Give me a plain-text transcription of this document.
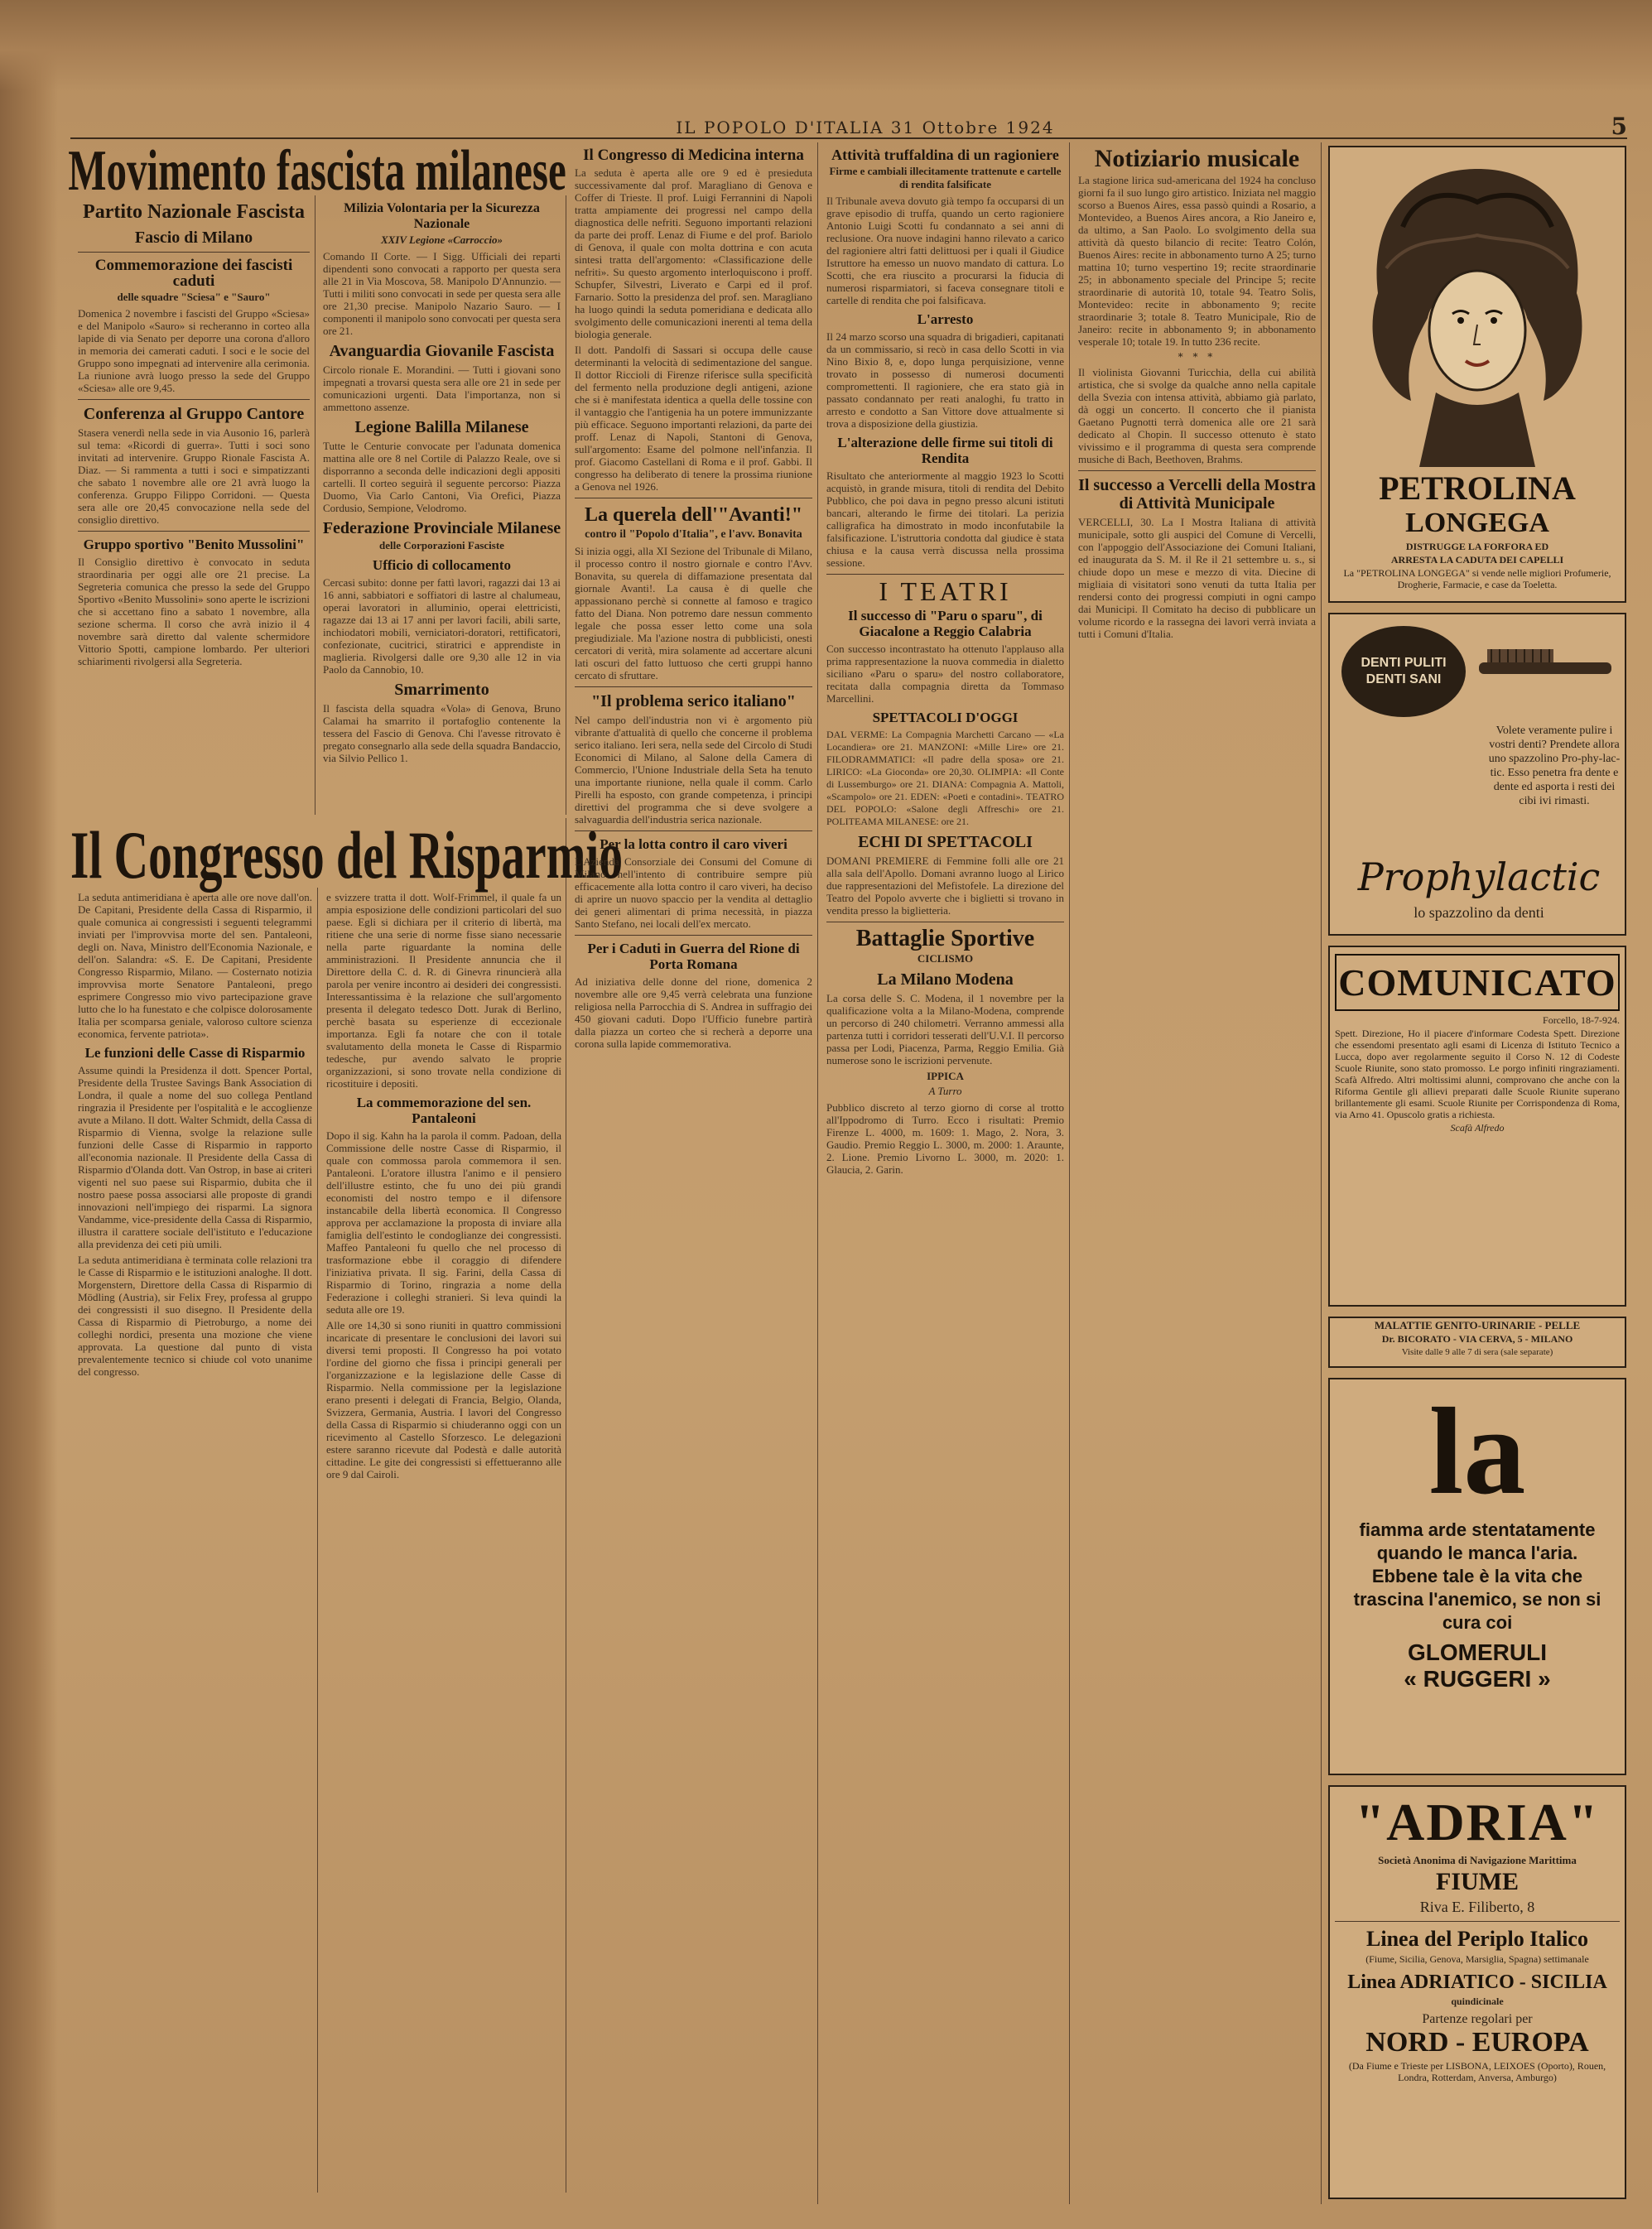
IL POPOLO D'ITALIA 31 Ottobre 1924	5
Movimento fascista milanese
Partito Nazionale Fascista
Fascio di Milano
Commemorazione dei fascisti caduti
delle squadre "Sciesa" e "Sauro"
Domenica 2 novembre i fascisti del Gruppo «Sciesa» e del Manipolo «Sauro» si recheranno in corteo alla lapide di via Senato per deporre una corona d'alloro in memoria dei camerati caduti. I soci e le socie del Gruppo sono impegnati ad intervenire alla cerimonia. La riunione avrà luogo presso la sede del Gruppo «Sciesa» alle ore 9,45.
Conferenza al Gruppo Cantore
Stasera venerdì nella sede in via Ausonio 16, parlerà sul tema: «Ricordi di guerra». Tutti i soci sono invitati ad intervenire. Gruppo Rionale Fascista A. Diaz. — Si rammenta a tutti i soci e simpatizzanti che sabato 1 novembre alle ore 21 avrà luogo la conferenza. Gruppo Filippo Corridoni. — Questa sera alle ore 20,45 convocazione nella sede del consiglio direttivo.
Gruppo sportivo "Benito Mussolini"
Il Consiglio direttivo è convocato in seduta straordinaria per oggi alle ore 21 precise. La Segreteria comunica che presso la sede del Gruppo Sportivo «Benito Mussolini» sono aperte le iscrizioni che si accettano fino a sabato 1 novembre, alla sezione scherma. Il corso che avrà inizio il 4 novembre sarà diretto dal valente schermidore Vittorio Spotti, campione lombardo. Per ulteriori schiarimenti rivolgersi alla Segreteria.
Milizia Volontaria per la Sicurezza Nazionale
XXIV Legione «Carroccio»
Comando II Corte. — I Sigg. Ufficiali dei reparti dipendenti sono convocati a rapporto per questa sera alle 21 in Via Moscova, 58. Manipolo D'Annunzio. — Tutti i militi sono convocati in sede per questa sera alle ore 21,30 precise. Manipolo Nazario Sauro. — I componenti il manipolo sono convocati per questa sera ore 21.
Avanguardia Giovanile Fascista
Circolo rionale E. Morandini. — Tutti i giovani sono impegnati a trovarsi questa sera alle ore 21 in sede per comunicazioni urgenti. Data l'importanza, non si ammettono assenze.
Legione Balilla Milanese
Tutte le Centurie convocate per l'adunata domenica mattina alle ore 8 nel Cortile di Palazzo Reale, ove si disporranno a seconda delle indicazioni degli appositi cartelli. Il corteo seguirà il seguente percorso: Piazza Duomo, Via Carlo Cantoni, Via Orefici, Piazza Cordusio, Sempione, Velodromo.
Federazione Provinciale Milanese
delle Corporazioni Fasciste
Ufficio di collocamento
Cercasi subito: donne per fattì lavori, ragazzi dai 13 ai 16 anni, sabbiatori e soffiatori di lastre al chalumeau, operai lavoratori in alluminio, operai elettricisti, ragazze dai 13 ai 17 anni per lavori facili, abili sarte, inchiodatori mobili, verniciatori-doratori, rettificatori, confezionate, cucitrici, stiratrici e apprendiste in maglieria. Rivolgersi dalle ore 9,30 alle 12 in via Paolo da Cannobio, 10.
Smarrimento
Il fascista della squadra «Vola» di Genova, Bruno Calamai ha smarrito il portafoglio contenente la tessera del Fascio di Genova. Chi l'avesse ritrovato è pregato consegnarlo alla sede della squadra Bandaccio, via Silvio Pellico 1.
Il Congresso del Risparmio
La seduta antimeridiana è aperta alle ore nove dall'on. De Capitani, Presidente della Cassa di Risparmio, il quale comunica ai congressisti i seguenti telegrammi inviati per l'improvvisa morte del sen. Pantaleoni, degli on. Nava, Ministro dell'Economia Nazionale, e dell'on. Salandra: «S. E. De Capitani, Presidente Congresso Risparmio, Milano. — Costernato notizia improvvisa morte Senatore Pantaleoni, prego esprimere Congresso mio vivo partecipazione grave lutto che lo ha funestato e che colpisce dolorosamente Italia per scomparsa geniale, valoroso cultore scienza economica, fervente patriota».
Le funzioni delle Casse di Risparmio
Assume quindi la Presidenza il dott. Spencer Portal, Presidente della Trustee Savings Bank Association di Londra, il quale a nome del suo collega Pentland ringrazia il Presidente per l'ospitalità e le accoglienze avute a Milano. Il dott. Walter Schmidt, della Cassa di Risparmio di Vienna, svolge la relazione sulle funzioni delle Casse di Risparmio in rapporto all'economia nazionale. Il Presidente della Cassa di Risparmio d'Olanda dott. Van Ostrop, in base ai criteri vigenti nel suo paese sui Risparmio, dubita che il nostro paese possa associarsi alle proposte di grandi innovazioni nell'impiego dei risparmi. La signora Vandamme, vice-presidente della Cassa di Risparmio, illustra il carattere sociale dell'istituto e l'educazione alla previdenza dei ceti più umili.
La seduta antimeridiana è terminata colle relazioni tra le Casse di Risparmio e le istituzioni analoghe. Il dott. Morgenstern, Direttore della Cassa di Risparmio di Mödling (Austria), sir Felix Frey, professa al gruppo dei congressisti il suo disegno. Il Presidente della Cassa di Risparmio di Pietroburgo, a nome dei colleghi nordici, presenta una mozione che viene approvata. La questione dal punto di vista prevalentemente tecnico si chiude col voto unanime del congresso.
e svizzere tratta il dott. Wolf-Frimmel, il quale fa un ampia esposizione delle condizioni particolari del suo paese. Egli si dichiara per il criterio di libertà, ma ritiene che una serie di norme fisse siano necessarie nella parte riguardante la nomina delle amministrazioni. Il Presidente annuncia che il Direttore della C. d. R. di Ginevra rinuncierà alla parola per venire incontro ai desideri dei congressisti. Interessantissima è la relazione che sull'argomento presenta il delegato tedesco Dott. Jurak di Berlino, perchè basata su esperienze di eccezionale importanza. Egli fa notare che con il totale svalutamento della moneta le Casse di Risparmio tedesche, pur avendo salvato le proprie organizzazioni, si sono trovate nella condizione di ricostituire i depositi.
La commemorazione del sen. Pantaleoni
Dopo il sig. Kahn ha la parola il comm. Padoan, della Commissione delle nostre Casse di Risparmio, il quale con commossa parola commemora il sen. Pantaleoni. L'oratore illustra l'animo e il pensiero dell'illustre estinto, che fu uno dei più grandi economisti del nostro tempo e il difensore instancabile della libertà economica. Il Congresso approva per acclamazione la proposta di inviare alla famiglia dell'estinto le condoglianze dei congressisti. Maffeo Pantaleoni fu quello che nel processo di trasformazione ebbe il coraggio di difendere l'iniziativa privata. Il sig. Farini, della Cassa di Risparmio di Torino, ringrazia a nome della Federazione i colleghi stranieri. Si leva quindi la seduta alle ore 19.
Alle ore 14,30 si sono riuniti in quattro commissioni incaricate di presentare le conclusioni dei lavori sui diversi temi proposti. Il Congresso ha poi votato l'ordine del giorno che fissa i principi generali per l'organizzazione e la legislazione delle Casse di Risparmio. Nella commissione per la legislazione erano presenti i delegati di Francia, Belgio, Olanda, Svizzera, Germania, Austria. I lavori del Congresso della Cassa di Risparmio si chiuderanno oggi con un ricevimento al Castello Sforzesco. Le delegazioni estere saranno ricevute dal Podestà e dalle autorità cittadine. Le gite dei congressisti si effettueranno alle ore 9 dal Cairoli.
Il Congresso di Medicina interna
La seduta è aperta alle ore 9 ed è presieduta successivamente dal prof. Maragliano di Genova e Coffer di Trieste. Il prof. Luigi Ferrannini di Napoli tratta ampiamente dei progressi nel campo della diagnostica delle nefriti. Seguono importanti relazioni da parte dei proff. Lenaz di Fiume e del prof. Bariolo di Genova, il quale con molta dottrina e con acuta sintesi tratta dell'argomento: «Classificazione delle nefriti». Su questo argomento interloquiscono i proff. Schupfer, Silvestri, Liverato e Carpi ed il prof. Farnario. Sotto la presidenza del prof. sen. Maragliano ha luogo quindi la seduta pomeridiana e dedicata allo svolgimento delle comunicazioni inerenti al tema della biologia generale.
Il dott. Pandolfi di Sassari si occupa delle cause determinanti la velocità di sedimentazione del sangue. Il dottor Riccioli di Firenze riferisce sulla specificità del fermento nella produzione degli antigeni, azione che si è manifestata identica a quella delle tossine con il vantaggio che l'antigenia ha un potere immunizzante più efficace. Seguono importanti relazioni, da parte dei proff. Lenaz di Napoli, Stantoni di Genova, sull'argomento: Esame del polmone nell'infanzia. Il prof. Giacomo Castellani di Roma e il prof. Gabbi. Il congresso ha deliberato di tenere la prossima riunione a Genova nel 1926.
La querela dell'"Avanti!"
contro il "Popolo d'Italia", e l'avv. Bonavita
Si inizia oggi, alla XI Sezione del Tribunale di Milano, il processo contro il nostro giornale e contro l'Avv. Bonavita, su querela di diffamazione presentata dal giornale Avanti!. La causa è di quelle che appassionano perchè si connette al famoso e tragico fatto del Diana. Non potremo dare nessun commento legale che possa esser letto come una sola pregiudiziale. Ma l'azione nostra di pubblicisti, onesti cercatori di verità, mira solamente ad accertare alcuni lati oscuri del fatto luttuoso che certi gruppi hanno cercato di sfruttare.
"Il problema serico italiano"
Nel campo dell'industria non vi è argomento più vibrante d'attualità di quello che concerne il problema serico italiano. Ieri sera, nella sede del Circolo di Studi Economici di Milano, al Salone della Camera di Commercio, l'Unione Industriale della Seta ha tenuto una importante riunione, nella quale il comm. Carlo Pirelli ha esposto, con grande competenza, i principi direttivi del programma che si deve svolgere a salvaguardia dell'industria serica nazionale.
Per la lotta contro il caro viveri
L'Azienda Consorziale dei Consumi del Comune di Milano nell'intento di contribuire sempre più efficacemente alla lotta contro il caro viveri, ha deciso di aprire un nuovo spaccio per la vendita al dettaglio dei generi alimentari di prima necessità, in piazza Santo Stefano, nei locali dell'ex mercato.
Per i Caduti in Guerra del Rione di Porta Romana
Ad iniziativa delle donne del rione, domenica 2 novembre alle ore 9,45 verrà celebrata una funzione religiosa nella Parrocchia di S. Andrea in suffragio dei 450 giovani caduti. Dopo l'Ufficio funebre partirà dalla piazza un corteo che si recherà a deporre una corona sulla lapide commemorativa.
Attività truffaldina di un ragioniere
Firme e cambiali illecitamente trattenute e cartelle di rendita falsificate
Il Tribunale aveva dovuto già tempo fa occuparsi di un grave episodio di truffa, quando un certo ragioniere Antonio Luigi Scotti fu condannato a sei anni di reclusione. Ora nuove indagini hanno rilevato a carico del ragioniere altri fatti delittuosi per i quali il Giudice Istruttore ha emesso un nuovo mandato di cattura. Lo Scotti, che era riuscito a procurarsi la fiducia di numerosi risparmiatori, si faceva consegnare titoli e cartelle di rendita che poi falsificava.
L'arresto
Il 24 marzo scorso una squadra di brigadieri, capitanati da un commissario, si recò in casa dello Scotti in via Nino Bixio 8, e, dopo lunga perquisizione, venne trovato in possesso di numerosi documenti compromettenti. Il ragioniere, che era stato già in passato condannato per reati analoghi, fu tratto in arresto e condotto a San Vittore dove attualmente si trova a disposizione della giustizia.
L'alterazione delle firme sui titoli di Rendita
Risultato che anteriormente al maggio 1923 lo Scotti acquistò, in grande misura, titoli di rendita del Debito Pubblico, che poi dava in pegno presso alcuni istituti bancari, alterando le firme dei titolari. La perizia calligrafica ha dimostrato in modo inconfutabile la falsificazione. L'istruttoria condotta dal giudice è stata chiusa e la causa verrà discussa nella prossima sessione.
I TEATRI
Il successo di "Paru o sparu", di Giacalone a Reggio Calabria
Con successo incontrastato ha ottenuto l'applauso alla prima rappresentazione la nuova commedia in dialetto siciliano «Paru o sparu» del nostro collaboratore, recitata dalla compagnia diretta da Tommaso Marcellini.
SPETTACOLI D'OGGI
DAL VERME: La Compagnia Marchetti Carcano — «La Locandiera» ore 21. MANZONI: «Mille Lire» ore 21. FILODRAMMATICI: «Il padre della sposa» ore 21. LIRICO: «La Gioconda» ore 20,30. OLIMPIA: «Il Conte di Lussemburgo» ore 21. DIANA: Compagnia A. Mattoli, «Scampolo» ore 21. EDEN: «Poeti e contadini». TEATRO DEL POPOLO: «Salone degli Affreschi» ore 21. POLITEAMA MILANESE: ore 21.
ECHI DI SPETTACOLI
DOMANI PREMIERE di Femmine folli alle ore 21 alla sala dell'Apollo. Domani avranno luogo al Lirico due rappresentazioni del Mefistofele. La direzione del Teatro del Popolo avverte che i biglietti si trovano in vendita presso la biglietteria.
Battaglie Sportive
CICLISMO
La Milano Modena
La corsa delle S. C. Modena, il 1 novembre per la qualificazione volta a la Milano-Modena, comprende un percorso di 240 chilometri. Verranno ammessi alla partenza tutti i corridori tesserati dell'U.V.I. Il percorso passa per Lodi, Piacenza, Parma, Reggio Emilia. Già numerose sono le iscrizioni pervenute.
IPPICA
A Turro
Pubblico discreto al terzo giorno di corse al trotto all'Ippodromo di Turro. Ecco i risultati: Premio Firenze L. 4000, m. 1609: 1. Mago, 2. Nora, 3. Gaudio. Premio Reggio L. 3000, m. 2000: 1. Araunte, 2. Lione. Premio Livorno L. 3000, m. 2020: 1. Glaucia, 2. Garin.
Notiziario musicale
La stagione lirica sud-americana del 1924 ha concluso giorni fa il suo lungo giro artistico. Iniziata nel maggio scorso a Buenos Aires, essa passò quindi a Rosario, a Montevideo, a Buenos Aires ancora, a Rio Janeiro e, da ultimo, a San Paolo. Lo svolgimento della sua attività dà questo bilancio di recite: Teatro Colón, Buenos Aires: recite in abbonamento turno A 25; turno mattina 10; turno vespertino 19; recite straordinarie 25; in abbonamento speciale del Principe 5; recite straordinarie di autorità 10, totale 94. Teatro Solis, Montevideo: recite in abbonamento 9; recite straordinarie 3; totale 8. Teatro Municipale, Rio de Janeiro: recite in abbonamento 9; in abbonamento vesperale 10; totale 19. In tutto 236 recite.
* * *
Il violinista Giovanni Turicchia, della cui abilità artistica, che si svolge da qualche anno nella capitale della Svezia con intensa attività, abbiamo già parlato, dà oggi un concerto. Il concerto che il pianista Gaetano Pugnotti terrà domenica alle ore 21 sarà dedicato al Chopin. Il successo ottenuto è stato vivissimo e il programma di questa sera comprende musiche di Bach, Beethoven, Brahms.
Il successo a Vercelli della Mostra di Attività Municipale
VERCELLI, 30. La I Mostra Italiana di attività municipale, sotto gli auspici del Comune di Vercelli, con l'appoggio dell'Associazione dei Comuni Italiani, ed inaugurata da S. M. il Re il 21 settembre u. s., si chiude dopo un mese e mezzo di vita. Diecine di migliaia di visitatori sono venuti da tutta Italia per rendersi conto dei progressi compiuti in ogni campo dai Municipi. Il Comitato ha deciso di pubblicare un volume ricordo e la rassegna dei lavori verrà inviata a tutti i Comuni d'Italia.
PETROLINA
LONGEGA
DISTRUGGE LA FORFORA ED
ARRESTA LA CADUTA DEI CAPELLI
La "PETROLINA LONGEGA" si vende nelle migliori Profumerie, Drogherie, Farmacie, e case da Toeletta.
DENTI PULITI DENTI SANI
Volete veramente pulire i vostri denti? Prendete allora uno spazzolino Pro-phy-lac-tic. Esso penetra fra dente e dente ed asporta i resti dei cibi ivi rimasti.
Prophylactic
lo spazzolino da denti
COMUNICATO
Forcello, 18-7-924.
Spett. Direzione, Ho il piacere d'informare Codesta Spett. Direzione che essendomi presentato agli esami di Licenza di Istituto Tecnico a Lucca, dopo aver regolarmente seguito il Corso N. 12 di Codeste Scuole Riunite, sono stato promosso. Le porgo infiniti ringraziamenti. Scafà Alfredo. Altri moltissimi alunni, comprovano che anche con la Riforma Gentile gli allievi preparati dalle Scuole Riunite superano brillantemente gli esami. Scuole Riunite per Corrispondenza di Roma, via Arno 41. Opuscolo gratis a richiesta.
Scafà Alfredo
MALATTIE GENITO-URINARIE - PELLE
Dr. BICORATO - VIA CERVA, 5 - MILANO
Visite dalle 9 alle 7 di sera (sale separate)
la
fiamma arde stentatamente quando le manca l'aria. Ebbene tale è la vita che trascina l'anemico, se non si cura coi
GLOMERULI
« RUGGERI »
"ADRIA"
Società Anonima di Navigazione Marittima
FIUME
Riva E. Filiberto, 8
Linea del Periplo Italico
(Fiume, Sicilia, Genova, Marsiglia, Spagna) settimanale
Linea ADRIATICO - SICILIA
quindicinale
Partenze regolari per
NORD - EUROPA
(Da Fiume e Trieste per LISBONA, LEIXOES (Oporto), Rouen, Londra, Rotterdam, Anversa, Amburgo)
